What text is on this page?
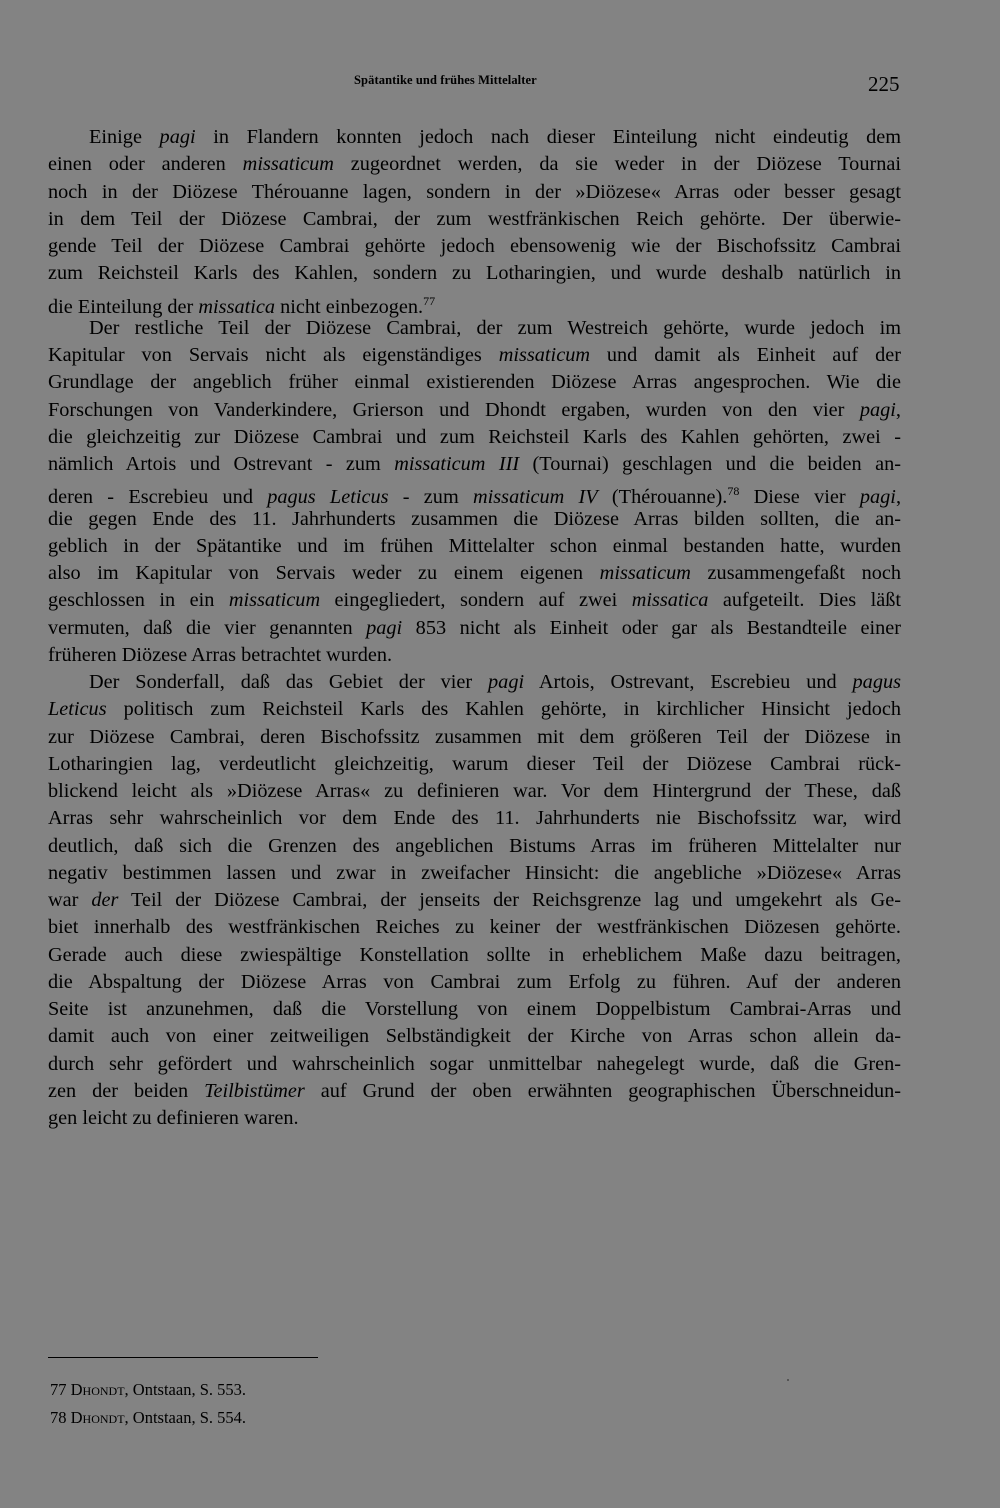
Spätantike und frühes Mittelalter	225
Einige pagi in Flandern konnten jedoch nach dieser Einteilung nicht eindeutig dem
einen oder anderen missaticum zugeordnet werden, da sie weder in der Diözese Tournai
noch in der Diözese Thérouanne lagen, sondern in der »Diözese« Arras oder besser gesagt
in dem Teil der Diözese Cambrai, der zum westfränkischen Reich gehörte. Der überwie-
gende Teil der Diözese Cambrai gehörte jedoch ebensowenig wie der Bischofssitz Cambrai
zum Reichsteil Karls des Kahlen, sondern zu Lotharingien, und wurde deshalb natürlich in
die Einteilung der missatica nicht einbezogen.$^{77}$
Der restliche Teil der Diözese Cambrai, der zum Westreich gehörte, wurde jedoch im
Kapitular von Servais nicht als eigenständiges missaticum und damit als Einheit auf der
Grundlage der angeblich früher einmal existierenden Diözese Arras angesprochen. Wie die
Forschungen von Vanderkindere, Grierson und Dhondt ergaben, wurden von den vier pagi,
die gleichzeitig zur Diözese Cambrai und zum Reichsteil Karls des Kahlen gehörten, zwei -
nämlich Artois und Ostrevant - zum missaticum III (Tournai) geschlagen und die beiden an-
deren - Escrebieu und pagus Leticus - zum missaticum IV (Thérouanne).$^{78}$ Diese vier pagi,
die gegen Ende des 11. Jahrhunderts zusammen die Diözese Arras bilden sollten, die an-
geblich in der Spätantike und im frühen Mittelalter schon einmal bestanden hatte, wurden
also im Kapitular von Servais weder zu einem eigenen missaticum zusammengefaßt noch
geschlossen in ein missaticum eingegliedert, sondern auf zwei missatica aufgeteilt. Dies läßt
vermuten, daß die vier genannten pagi 853 nicht als Einheit oder gar als Bestandteile einer
früheren Diözese Arras betrachtet wurden.
Der Sonderfall, daß das Gebiet der vier pagi Artois, Ostrevant, Escrebieu und pagus
Leticus politisch zum Reichsteil Karls des Kahlen gehörte, in kirchlicher Hinsicht jedoch
zur Diözese Cambrai, deren Bischofssitz zusammen mit dem größeren Teil der Diözese in
Lotharingien lag, verdeutlicht gleichzeitig, warum dieser Teil der Diözese Cambrai rück-
blickend leicht als »Diözese Arras« zu definieren war. Vor dem Hintergrund der These, daß
Arras sehr wahrscheinlich vor dem Ende des 11. Jahrhunderts nie Bischofssitz war, wird
deutlich, daß sich die Grenzen des angeblichen Bistums Arras im früheren Mittelalter nur
negativ bestimmen lassen und zwar in zweifacher Hinsicht: die angebliche »Diözese« Arras
war der Teil der Diözese Cambrai, der jenseits der Reichsgrenze lag und umgekehrt als Ge-
biet innerhalb des westfränkischen Reiches zu keiner der westfränkischen Diözesen gehörte.
Gerade auch diese zwiespältige Konstellation sollte in erheblichem Maße dazu beitragen,
die Abspaltung der Diözese Arras von Cambrai zum Erfolg zu führen. Auf der anderen
Seite ist anzunehmen, daß die Vorstellung von einem Doppelbistum Cambrai-Arras und
damit auch von einer zeitweiligen Selbständigkeit der Kirche von Arras schon allein da-
durch sehr gefördert und wahrscheinlich sogar unmittelbar nahegelegt wurde, daß die Gren-
zen der beiden Teilbistümer auf Grund der oben erwähnten geographischen Überschneidun-
gen leicht zu definieren waren.
77 Dhondt, Ontstaan, S. 553.
78 Dhondt, Ontstaan, S. 554.
